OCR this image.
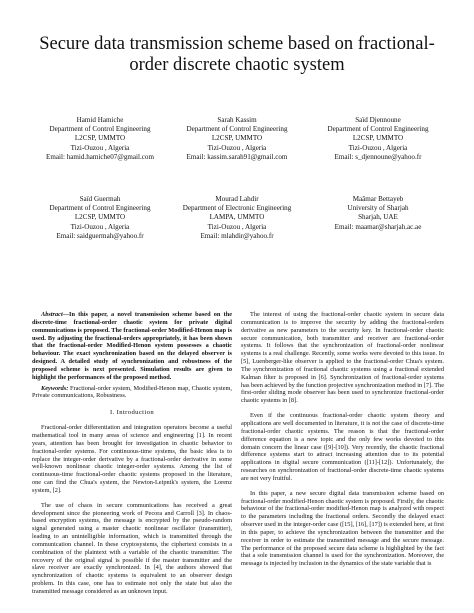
Secure data transmission scheme based on fractional-order discrete chaotic system
Hamid Hamiche
Department of Control Engineering
L2CSP, UMMTO
Tizi-Ouzou , Algeria
Email: hamid.hamiche07@gmail.com
Sarah Kassim
Department of Control Engineering
L2CSP, UMMTO
Tizi-Ouzou , Algeria
Email: kassim.sarah91@gmail.com
Saïd Djennoune
Department of Control Engineering
L2CSP, UMMTO
Tizi-Ouzou , Algeria
Email: s_djennoune@yahoo.fr
Saïd Guermah
Department of Control Engineering
L2CSP, UMMTO
Tizi-Ouzou , Algeria
Email: saidguermah@yahoo.fr
Mourad Lahdir
Department of Electronic Engineering
LAMPA, UMMTO
Tizi-Ouzou , Algeria
Email: mlahdir@yahoo.fr
Maâmar Bettayeb
University of Sharjah
Sharjah, UAE
Email: maamar@sharjah.ac.ae

Abstract—In this paper, a novel transmission scheme based on the discrete-time fractional-order chaotic system for private digital communications is proposed. The fractional-order Modified-Henon map is used. By adjusting the fractional-orders appropriately, it has been shown that the fractional-order Modified-Henon system possesses a chaotic behaviour. The exact synchronization based on the delayed observer is designed. A detailed study of synchronization and robustness of the proposed scheme is next presented. Simulation results are given to highlight the performances of the proposed method.

Keywords: Fractional-order system, Modified-Henon map, Chaotic system, Private communications, Robustness.

I. Introduction

Fractional-order differentiation and integration operators become a useful mathematical tool in many areas of science and engineering [1]. In recent years, attention has been brought for investigation in chaotic behavior to fractional-order systems. For continuous-time systems, the basic idea is to replace the integer-order derivative by a fractional-order derivative in some well-known nonlinear chaotic integer-order systems. Among the list of continuous-time fractional-order chaotic systems proposed in the literature, one can find the Chua's system, the Newton-Leipnik's system, the Lorenz system, [2].

The use of chaos in secure communications has received a great development since the pioneering work of Pecora and Carroll [3]. In chaos-based encryption systems, the message is encrypted by the pseudo-random signal generated using a master chaotic nonlinear oscillator (transmitter), leading to an unintelligible information, which is transmitted through the communication channel. In these cryptosystems, the ciphertext consists in a combination of the plaintext with a variable of the chaotic transmitter. The recovery of the original signal is possible if the master transmitter and the slave receiver are exactly synchronized. In [4], the authors showed that synchronization of chaotic systems is equivalent to an observer design problem. In this case, one has to estimate not only the state but also the transmitted message considered as an unknown input.

The interest of using the fractional-order chaotic system in secure data communication is to improve the security by adding the fractional-orders derivative as new parameters to the security key. In fractional-order chaotic secure communication, both transmitter and receiver are fractional-order systems. It follows that the synchronization of fractional-order nonlinear systems is a real challenge. Recently, some works were devoted to this issue. In [5], Luenberger-like observer is applied to the fractional-order Chua's system. The synchronization of fractional chaotic systems using a fractional extended Kalman filter is proposed in [6]. Synchronization of fractional-order systems has been achieved by the function projective synchronization method in [7]. The first-order sliding mode observer has been used to synchronize fractional-order chaotic systems in [8].

Even if the continuous fractional-order chaotic system theory and applications are well documented in literature, it is not the case of discrete-time fractional-order chaotic systems. The reason is that the fractional-order difference equation is a new topic and the only few works devoted to this domain concern the linear case ([9]-[10]). Very recently, the chaotic fractional difference systems start to attract increasing attention due to its potential applications in digital secure communication ([11]-[12]). Unfortunately, the researches on synchronization of fractional-order discrete-time chaotic systems are not very fruitful.

In this paper, a new secure digital data transmission scheme based on fractional-order modified-Henon chaotic system is proposed. Firstly, the chaotic behaviour of the fractional-order modified-Henon map is analyzed with respect to the parameters including the fractional orders. Secondly the delayed exact observer used in the integer-order case ([15], [16], [17]) is extended here, at first in this paper, to achieve the synchronization between the transmitter and the receiver in order to estimate the transmitted message and the secure message. The performance of the proposed secure data scheme is highlighted by the fact that a sole transmission channel is used for the synchronization. Moreover, the message is injected by inclusion in the dynamics of the state variable that is
